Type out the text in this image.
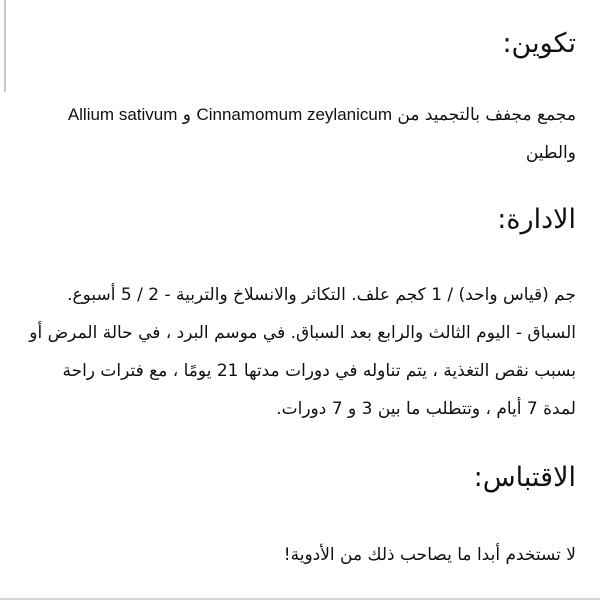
تكوين:

مجمع مجفف بالتجميد من Cinnamomum zeylanicum و Allium sativum والطين

الادارة:

جم (قياس واحد) / 1 كجم علف. التكاثر والانسلاخ والتربية - 2 / 5 أسبوع. السباق - اليوم الثالث والرابع بعد السباق. في موسم البرد ، في حالة المرض أو بسبب نقص التغذية ، يتم تناوله في دورات مدتها 21 يومًا ، مع فترات راحة لمدة 7 أيام ، وتتطلب ما بين 3 و 7 دورات.

الاقتباس:

لا تستخدم أبدا ما يصاحب ذلك من الأدوية!
